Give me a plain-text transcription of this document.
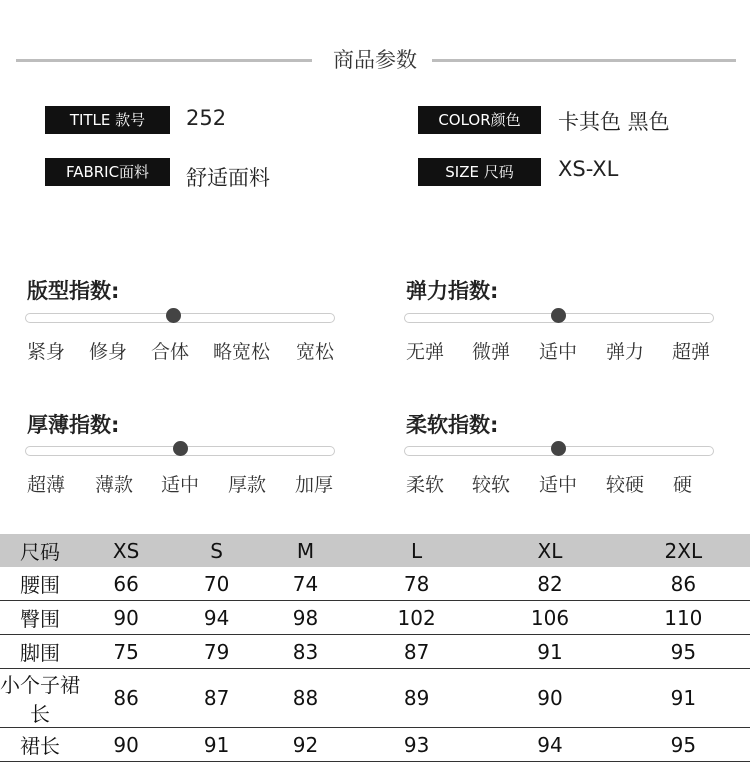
商品参数
TITLE 款号	252	COLOR颜色	卡其色 黑色
FABRIC面料	舒适面料	SIZE 尺码	XS-XL
版型指数:
紧身 修身 合体 略宽松 宽松
弹力指数:
无弹 微弹 适中 弹力 超弹
厚薄指数:
超薄 薄款 适中 厚款 加厚
柔软指数:
柔软 较软 适中 较硬 硬
尺码	XS	S	M	L	XL	2XL
腰围	66	70	74	78	82	86
臀围	90	94	98	102	106	110
脚围	75	79	83	87	91	95
小个子裙长	86	87	88	89	90	91
裙长	90	91	92	93	94	95
